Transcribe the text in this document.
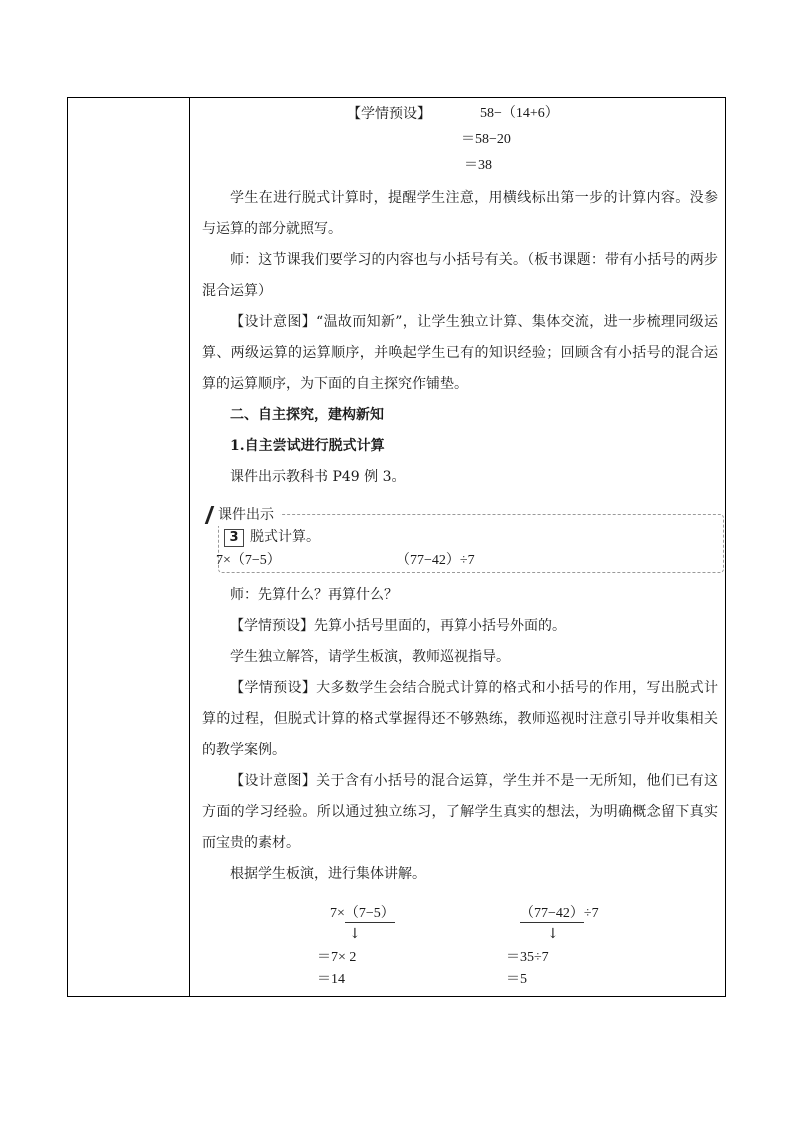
【学情预设】	58−（14+6）
＝58−20
＝38
学生在进行脱式计算时，提醒学生注意，用横线标出第一步的计算内容。没参与运算的部分就照写。
师：这节课我们要学习的内容也与小括号有关。（板书课题：带有小括号的两步混合运算）
【设计意图】“温故而知新”，让学生独立计算、集体交流，进一步梳理同级运算、两级运算的运算顺序，并唤起学生已有的知识经验；回顾含有小括号的混合运算的运算顺序，为下面的自主探究作铺垫。
二、自主探究，建构新知
1.自主尝试进行脱式计算
课件出示教科书 P49 例 3。
课件出示
3 脱式计算。
7×（7−5）	（77−42）÷7
师：先算什么？再算什么？
【学情预设】先算小括号里面的，再算小括号外面的。
学生独立解答，请学生板演，教师巡视指导。
【学情预设】大多数学生会结合脱式计算的格式和小括号的作用，写出脱式计算的过程，但脱式计算的格式掌握得还不够熟练，教师巡视时注意引导并收集相关的教学案例。
【设计意图】关于含有小括号的混合运算，学生并不是一无所知，他们已有这方面的学习经验。所以通过独立练习，了解学生真实的想法，为明确概念留下真实而宝贵的素材。
根据学生板演，进行集体讲解。
7×（7−5）
↓
＝7× 2
＝14
（77−42）÷7
↓
＝35÷7
＝5
